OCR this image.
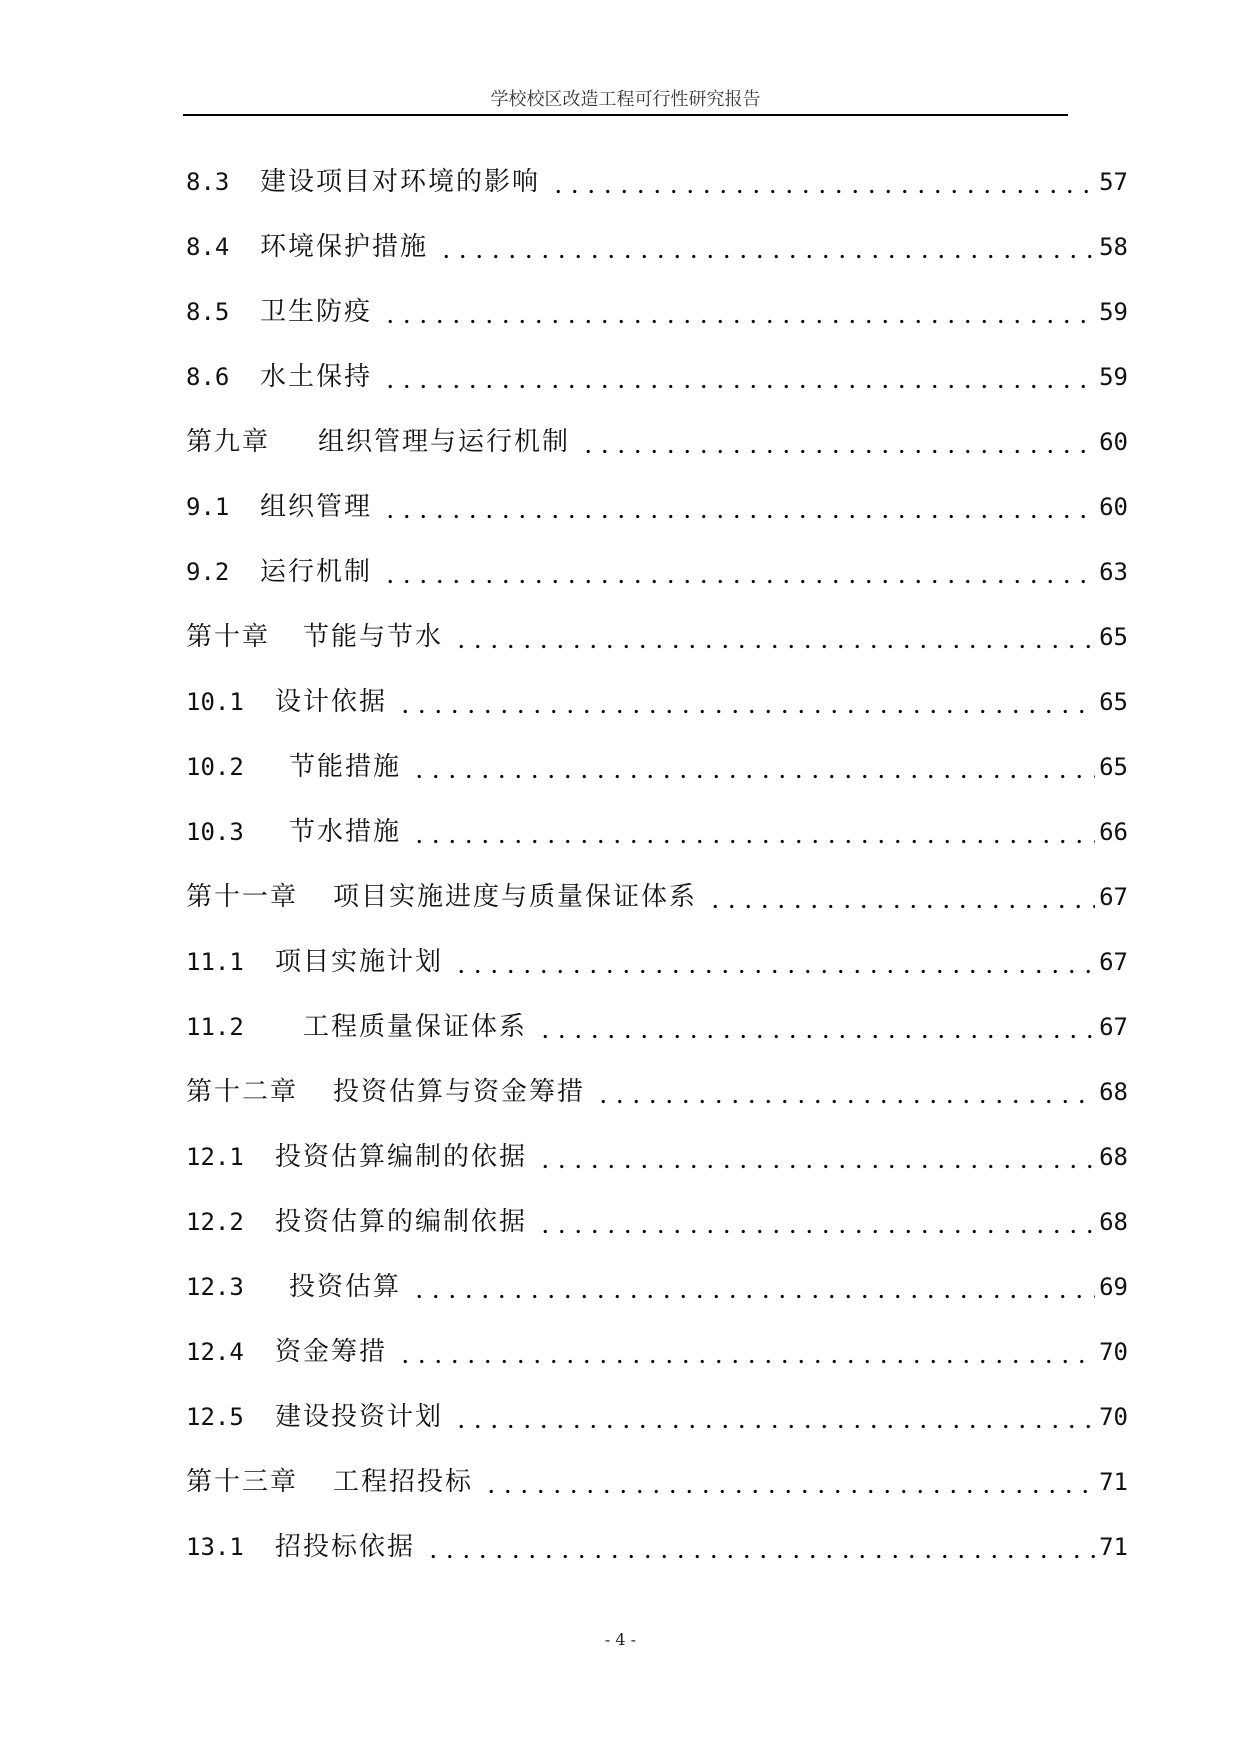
学校校区改造工程可行性研究报告
8.3 建设项目对环境的影响	57
8.4 环境保护措施	58
8.5 卫生防疫	59
8.6 水土保持	59
第九章 组织管理与运行机制	60
9.1 组织管理	60
9.2 运行机制	63
第十章 节能与节水	65
10.1 设计依据	65
10.2 节能措施	65
10.3 节水措施	66
第十一章 项目实施进度与质量保证体系	67
11.1 项目实施计划	67
11.2 工程质量保证体系	67
第十二章 投资估算与资金筹措	68
12.1 投资估算编制的依据	68
12.2 投资估算的编制依据	68
12.3 投资估算	69
12.4 资金筹措	70
12.5 建设投资计划	70
第十三章 工程招投标	71
13.1 招投标依据	71
- 4 -
